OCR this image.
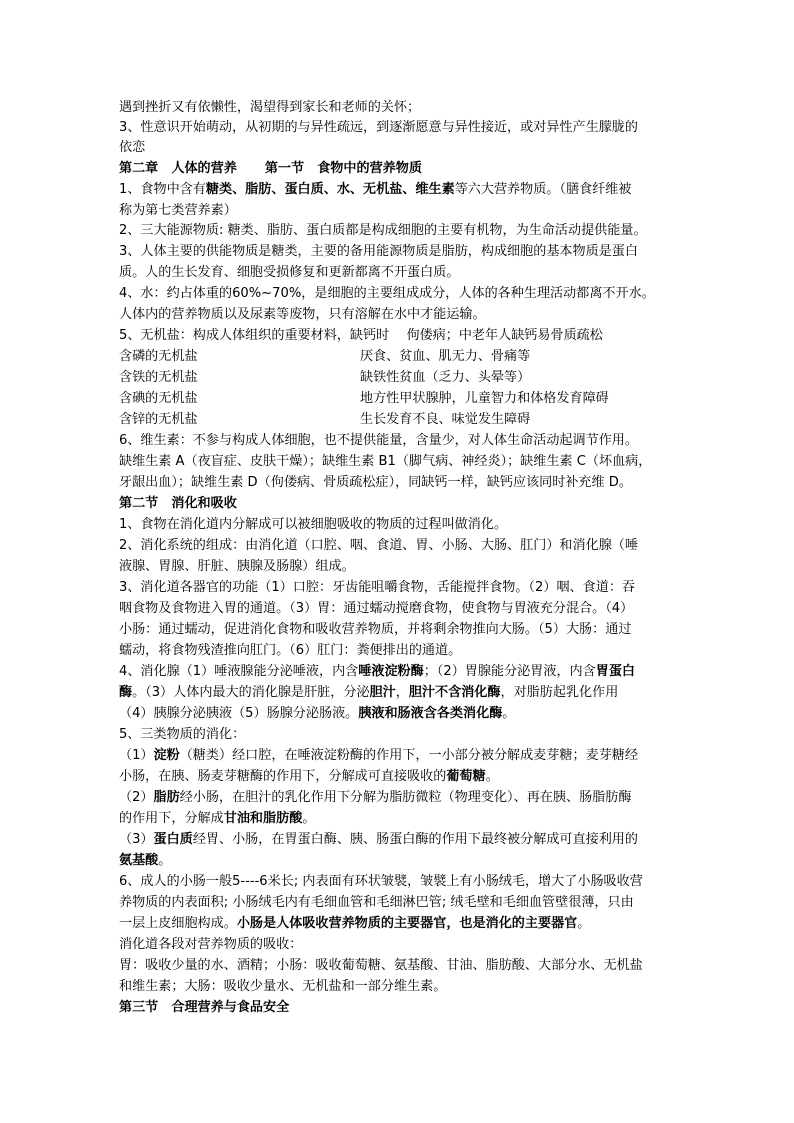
遇到挫折又有依懒性，渴望得到家长和老师的关怀；
3、性意识开始萌动，从初期的与异性疏远，到逐渐愿意与异性接近，或对异性产生朦胧的
依恋
第二章　人体的营养 第一节　食物中的营养物质
1、食物中含有糖类、脂肪、蛋白质、水、无机盐、维生素等六大营养物质。（膳食纤维被
称为第七类营养素）
2、三大能源物质: 糖类、脂肪、蛋白质都是构成细胞的主要有机物，为生命活动提供能量。
3、人体主要的供能物质是糖类，主要的备用能源物质是脂肪，构成细胞的基本物质是蛋白
质。人的生长发育、细胞受损修复和更新都离不开蛋白质。
4、水：约占体重的60%~70%，是细胞的主要组成成分，人体的各种生理活动都离不开水。
人体内的营养物质以及尿素等废物，只有溶解在水中才能运输。
5、无机盐：构成人体组织的重要材料，缺钙时　 佝偻病；中老年人缺钙易骨质疏松
含磷的无机盐	厌食、贫血、肌无力、骨痛等
含铁的无机盐	缺铁性贫血（乏力、头晕等）
含碘的无机盐	地方性甲状腺肿，儿童智力和体格发育障碍
含锌的无机盐	生长发育不良、味觉发生障碍
6、维生素：不参与构成人体细胞，也不提供能量，含量少，对人体生命活动起调节作用。
缺维生素 A（夜盲症、皮肤干燥）；缺维生素 B1（脚气病、神经炎）；缺维生素 C（坏血病，
牙龈出血）；缺维生素 D（佝偻病、骨质疏松症），同缺钙一样，缺钙应该同时补充维 D。
第二节　消化和吸收
1、食物在消化道内分解成可以被细胞吸收的物质的过程叫做消化。
2、消化系统的组成：由消化道（口腔、咽、食道、胃、小肠、大肠、肛门）和消化腺（唾
液腺、胃腺、肝脏、胰腺及肠腺）组成。
3、消化道各器官的功能（1）口腔：牙齿能咀嚼食物，舌能搅拌食物。（2）咽、食道：吞
咽食物及食物进入胃的通道。（3）胃：通过蠕动搅磨食物，使食物与胃液充分混合。（4）
小肠：通过蠕动，促进消化食物和吸收营养物质，并将剩余物推向大肠。（5）大肠：通过
蠕动，将食物残渣推向肛门。（6）肛门：粪便排出的通道。
4、消化腺（1）唾液腺能分泌唾液，内含唾液淀粉酶；（2）胃腺能分泌胃液，内含胃蛋白
酶。（3）人体内最大的消化腺是肝脏，分泌胆汁，胆汁不含消化酶，对脂肪起乳化作用
（4）胰腺分泌胰液（5）肠腺分泌肠液。胰液和肠液含各类消化酶。
5、三类物质的消化：
（1）淀粉（糖类）经口腔，在唾液淀粉酶的作用下，一小部分被分解成麦芽糖；麦芽糖经
小肠，在胰、肠麦芽糖酶的作用下，分解成可直接吸收的葡萄糖。
（2）脂肪经小肠，在胆汁的乳化作用下分解为脂肪微粒（物理变化）、再在胰、肠脂肪酶
的作用下，分解成甘油和脂肪酸。
（3）蛋白质经胃、小肠，在胃蛋白酶、胰、肠蛋白酶的作用下最终被分解成可直接利用的
氨基酸。
6、成人的小肠一般5----6米长; 内表面有环状皱襞，皱襞上有小肠绒毛，增大了小肠吸收营
养物质的内表面积; 小肠绒毛内有毛细血管和毛细淋巴管; 绒毛壁和毛细血管壁很薄，只由
一层上皮细胞构成。小肠是人体吸收营养物质的主要器官，也是消化的主要器官。
消化道各段对营养物质的吸收：
胃：吸收少量的水、酒精；小肠：吸收葡萄糖、氨基酸、甘油、脂肪酸、大部分水、无机盐
和维生素；大肠：吸收少量水、无机盐和一部分维生素。
第三节　合理营养与食品安全
